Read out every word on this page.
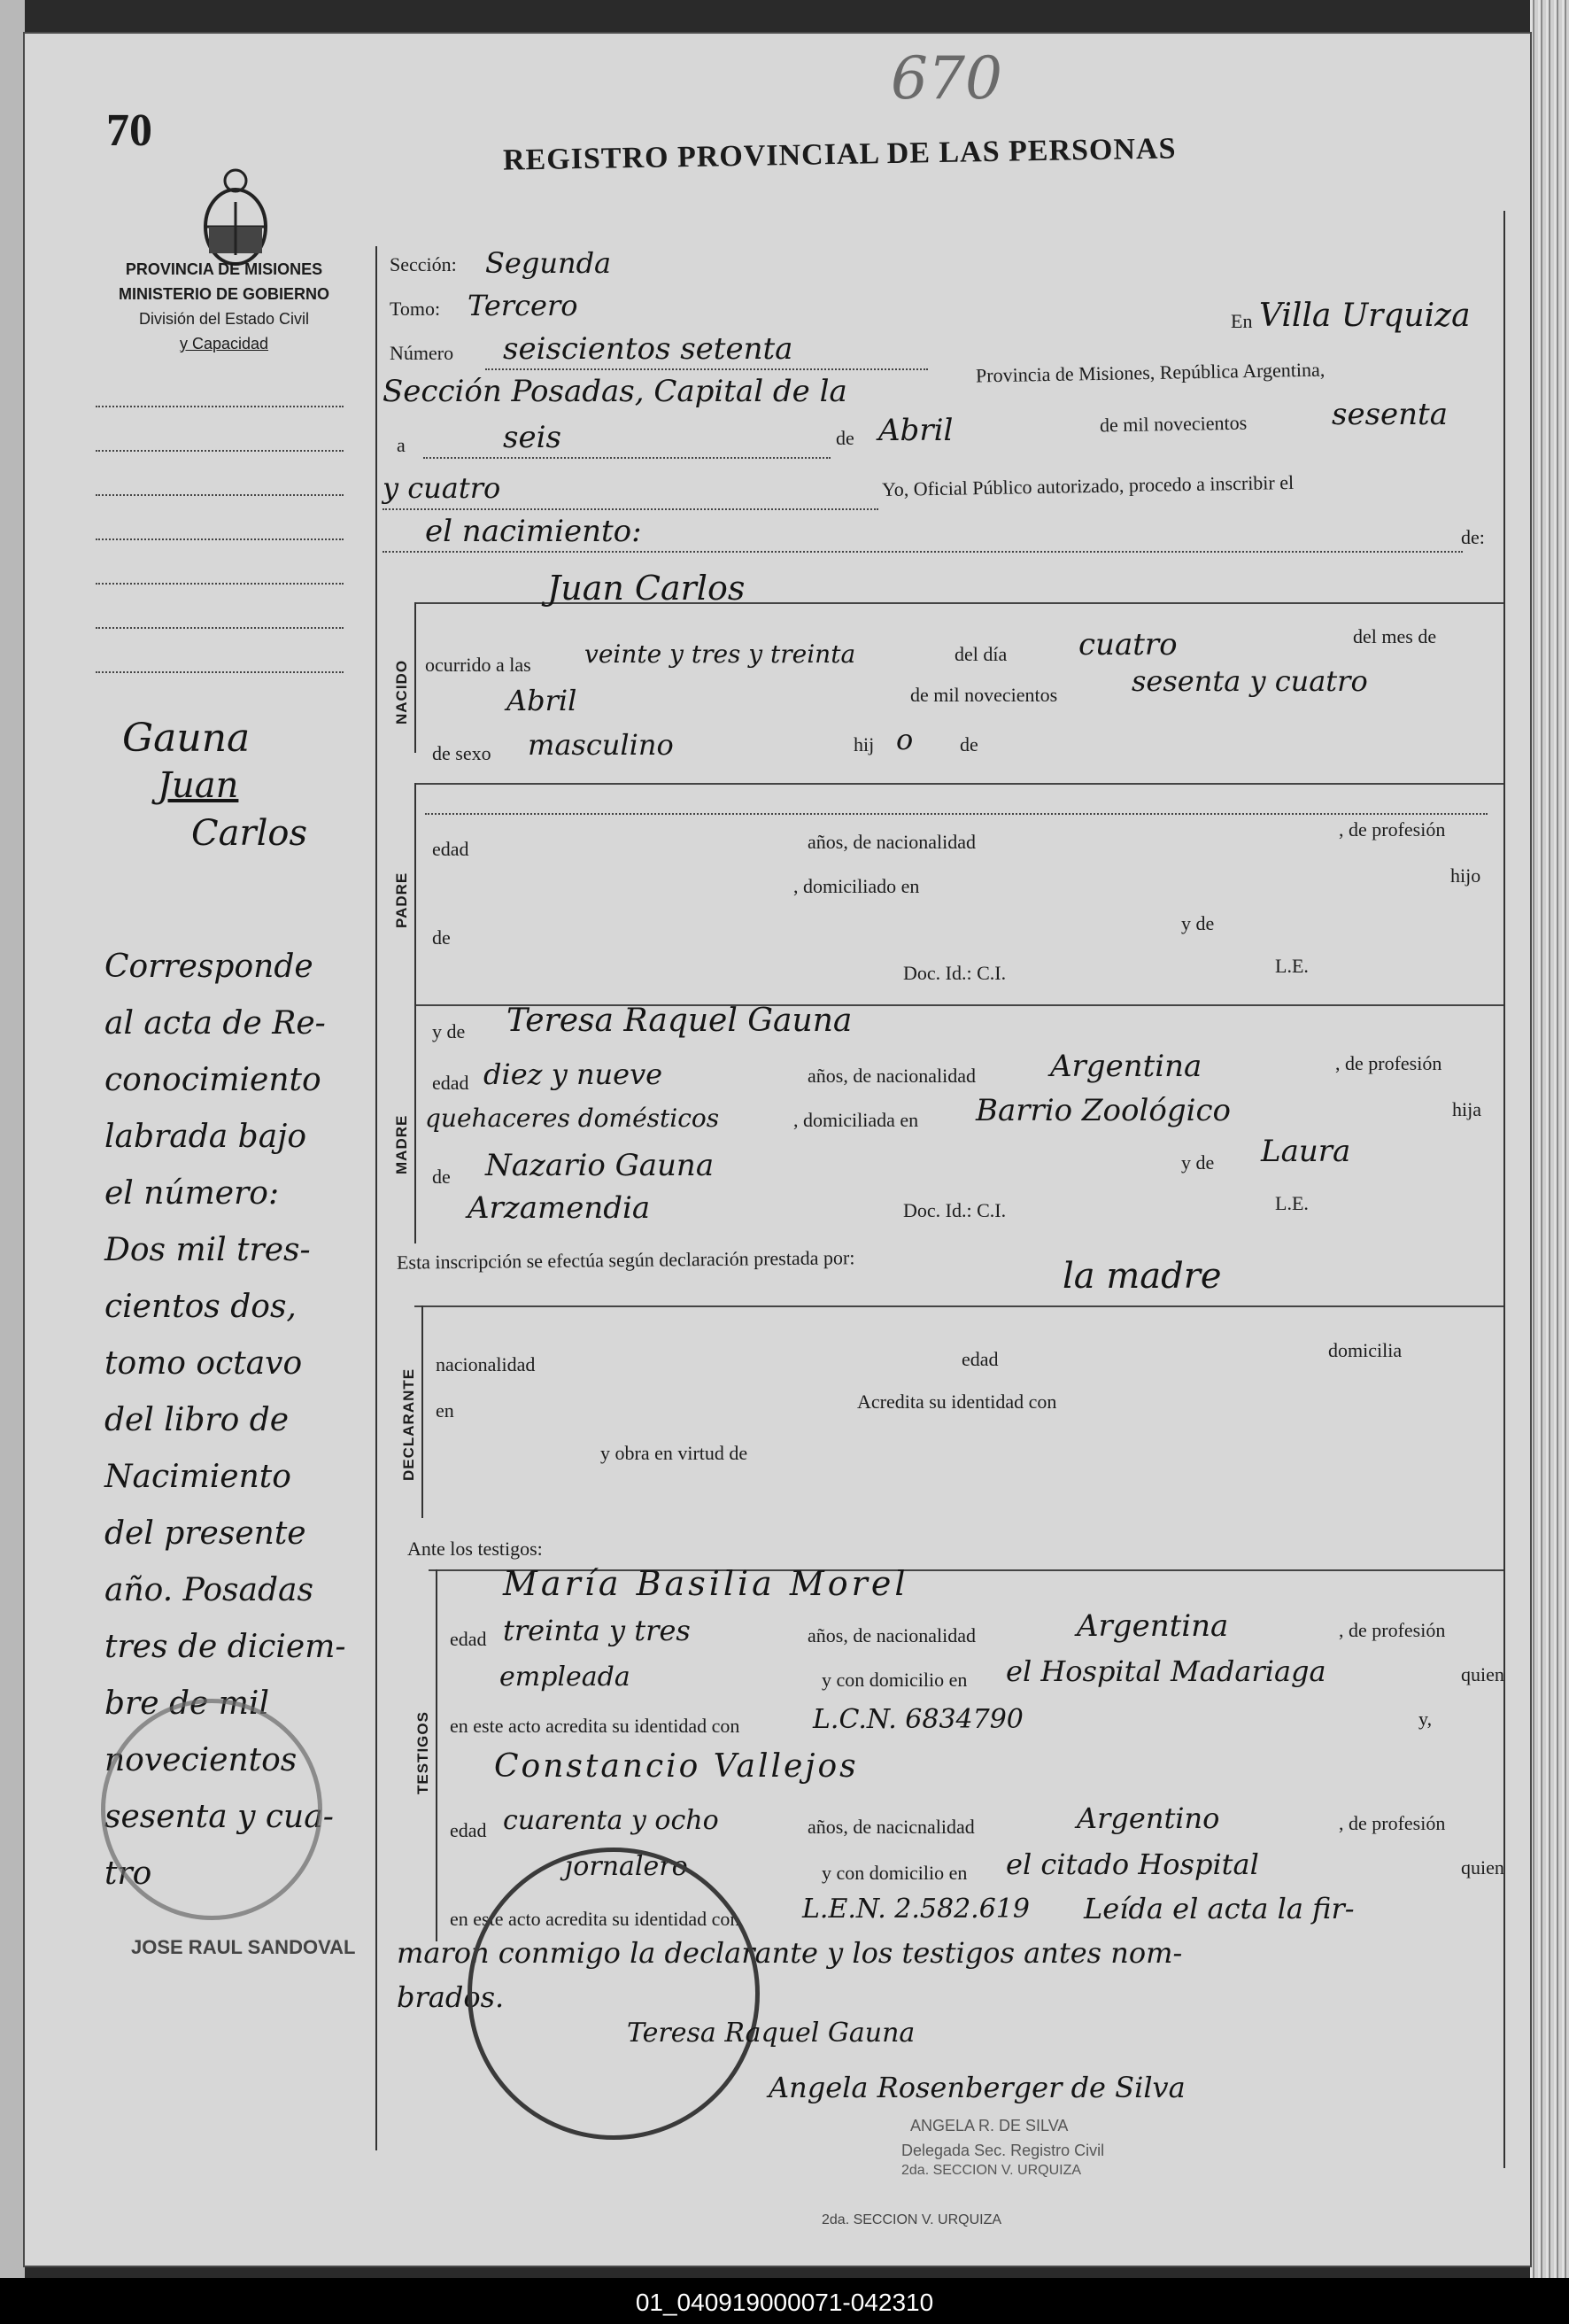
670
70	REGISTRO PROVINCIAL DE LAS PERSONAS
PROVINCIA DE MISIONES
MINISTERIO DE GOBIERNO
División del Estado Civil
y Capacidad
Gauna
Juan
Carlos
Corresponde
al acta de Re-
conocimiento
labrada bajo
el número:
Dos mil tres-
cientos dos,
tomo octavo
del libro de
Nacimiento
del presente
año. Posadas
tres de diciem-
bre de mil
novecientos
sesenta y cua-
tro
Sección: Segunda
Tomo: Tercero
Número seiscientos setenta
En Villa Urquiza
Sección Posadas, Capital de la
Provincia de Misiones, República Argentina,
a	seis	de Abril	de mil novecientos	sesenta
y cuatro	Yo, Oficial Público autorizado, procedo a inscribir el
el nacimiento:	de:
NACIDO
Juan Carlos
ocurrido a las veinte y tres y treinta	del día cuatro	del mes de
Abril	de mil novecientos	sesenta y cuatro
de sexo masculino	hij o de
PADRE
edad	años, de nacionalidad
, de profesión
, domiciliado en	hijo
de
y de
Doc. Id.: C.I.	L.E.
MADRE
y de Teresa Raquel Gauna
edad diez y nueve	años, de nacionalidad Argentina	, de profesión
quehaceres domésticos	, domiciliada en Barrio Zoológico	hija
de Nazario Gauna	y de Laura
Arzamendia	Doc. Id.: C.I.	L.E.
Esta inscripción se efectúa según declaración prestada por:	la madre
DECLARANTE
nacionalidad	edad	domicilia
en	Acredita su identidad con
y obra en virtud de
Ante los testigos:
TESTIGOS
María Basilia Morel
edad treinta y tres	años, de nacionalidad	Argentina	, de profesión
empleada	y con domicilio en el Hospital Madariaga	quien
en este acto acredita su identidad con	L.C.N. 6834790	y,
Constancio Vallejos
edad cuarenta y ocho	años, de nacicnalidad	Argentino	, de profesión
jornalero	y con domicilio en el citado Hospital	quien
en este acto acredita su identidad con L.E.N. 2.582.619 Leída el acta la fir-
maron conmigo la declarante y los testigos antes nom-
brados.
JOSE RAUL SANDOVAL
Teresa Raquel Gauna
Angela Rosenberger de Silva
ANGELA R. DE SILVA
Delegada Sec. Registro Civil
2da. SECCION V. URQUIZA
2da. SECCION V. URQUIZA
01_040919000071-042310
